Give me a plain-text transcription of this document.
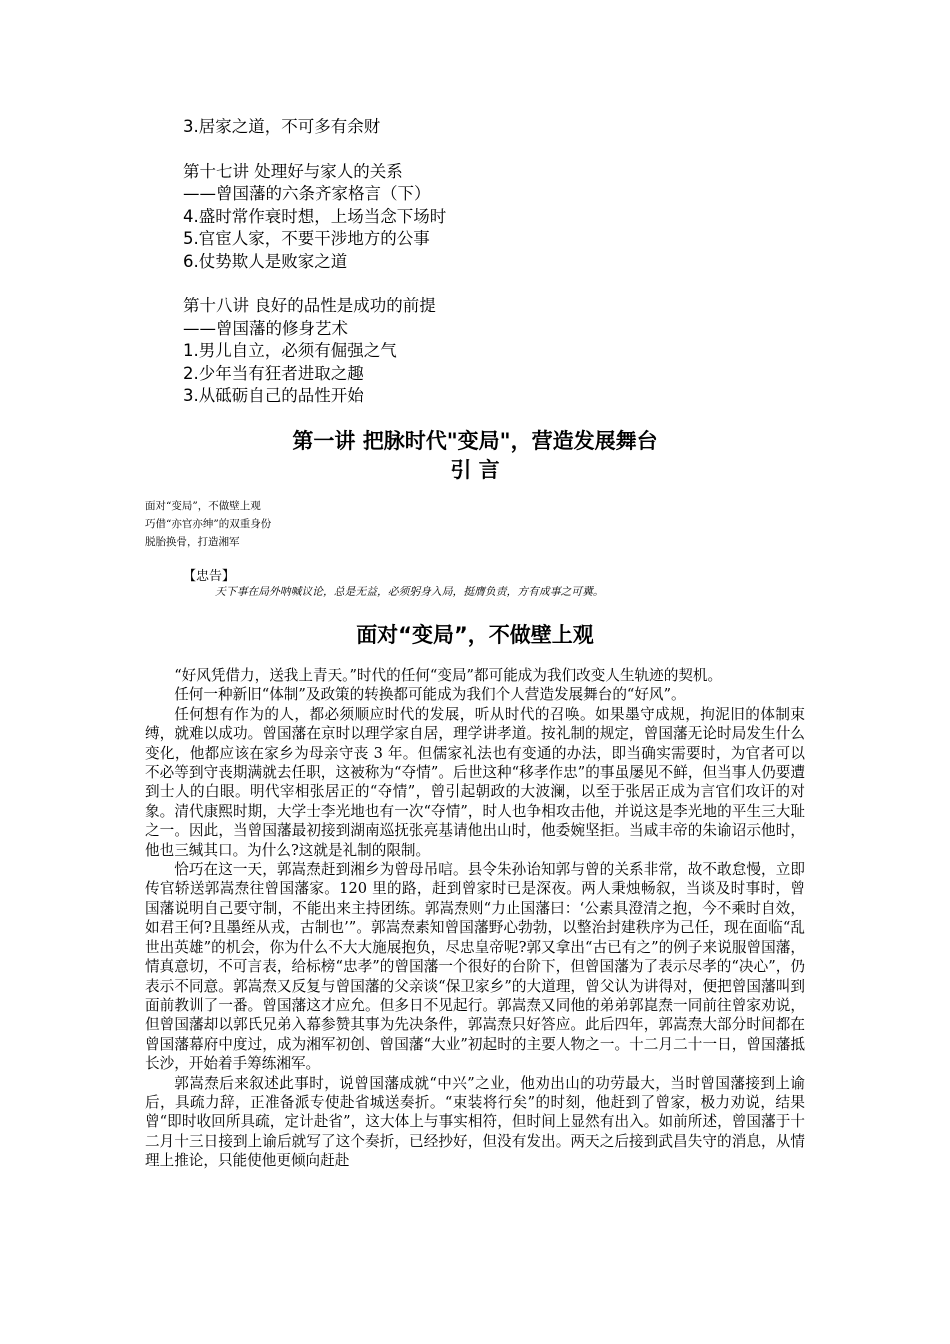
3.居家之道，不可多有余财
第十七讲 处理好与家人的关系
——曾国藩的六条齐家格言（下）
4.盛时常作衰时想，上场当念下场时
5.官宦人家，不要干涉地方的公事
6.仗势欺人是败家之道
第十八讲 良好的品性是成功的前提
——曾国藩的修身艺术
1.男儿自立，必须有倔强之气
2.少年当有狂者进取之趣
3.从砥砺自己的品性开始
第一讲 把脉时代"变局"，营造发展舞台
引 言
面对“变局”，不做壁上观
巧借“亦官亦绅”的双重身份
脱胎换骨，打造湘军
【忠告】
天下事在局外呐喊议论，总是无益，必须躬身入局，挺膺负责，方有成事之可冀。
面对“变局”，不做壁上观

“好风凭借力，送我上青天。”时代的任何“变局”都可能成为我们改变人生轨迹的契机。

任何一种新旧“体制”及政策的转换都可能成为我们个人营造发展舞台的“好风”。

任何想有作为的人，都必须顺应时代的发展，听从时代的召唤。如果墨守成规，拘泥旧的体制束缚，就难以成功。曾国藩在京时以理学家自居，理学讲孝道。按礼制的规定，曾国藩无论时局发生什么变化，他都应该在家乡为母亲守丧 3 年。但儒家礼法也有变通的办法，即当确实需要时，为官者可以不必等到守丧期满就去任职，这被称为“夺情”。后世这种“移孝作忠”的事虽屡见不鲜，但当事人仍要遭到士人的白眼。明代宰相张居正的“夺情”，曾引起朝政的大波澜，以至于张居正成为言官们攻讦的对象。清代康熙时期，大学士李光地也有一次“夺情”，时人也争相攻击他，并说这是李光地的平生三大耻之一。因此，当曾国藩最初接到湖南巡抚张亮基请他出山时，他委婉坚拒。当咸丰帝的朱谕诏示他时，他也三缄其口。为什么?这就是礼制的限制。

恰巧在这一天，郭嵩焘赶到湘乡为曾母吊唁。县令朱孙诒知郭与曾的关系非常，故不敢怠慢，立即传官轿送郭嵩焘往曾国藩家。120 里的路，赶到曾家时已是深夜。两人秉烛畅叙，当谈及时事时，曾国藩说明自己要守制，不能出来主持团练。郭嵩焘则“力止国藩曰：‘公素具澄清之抱，今不乘时自效，如君王何?且墨绖从戎，古制也’”。郭嵩焘素知曾国藩野心勃勃，以整治封建秩序为己任，现在面临“乱世出英雄”的机会，你为什么不大大施展抱负，尽忠皇帝呢?郭又拿出“古已有之”的例子来说服曾国藩，情真意切，不可言表，给标榜“忠孝”的曾国藩一个很好的台阶下，但曾国藩为了表示尽孝的“决心”，仍表示不同意。郭嵩焘又反复与曾国藩的父亲谈“保卫家乡”的大道理，曾父认为讲得对，便把曾国藩叫到面前教训了一番。曾国藩这才应允。但多日不见起行。郭嵩焘又同他的弟弟郭崑焘一同前往曾家劝说，但曾国藩却以郭氏兄弟入幕参赞其事为先决条件，郭嵩焘只好答应。此后四年，郭嵩焘大部分时间都在曾国藩幕府中度过，成为湘军初创、曾国藩“大业”初起时的主要人物之一。十二月二十一日，曾国藩抵长沙，开始着手筹练湘军。

郭嵩焘后来叙述此事时，说曾国藩成就“中兴”之业，他劝出山的功劳最大，当时曾国藩接到上谕后，具疏力辞，正准备派专使赴省城送奏折。“束装将行矣”的时刻，他赶到了曾家，极力劝说，结果曾“即时收回所具疏，定计赴省”，这大体上与事实相符，但时间上显然有出入。如前所述，曾国藩于十二月十三日接到上谕后就写了这个奏折，已经抄好，但没有发出。两天之后接到武昌失守的消息，从情理上推论，只能使他更倾向赶赴
